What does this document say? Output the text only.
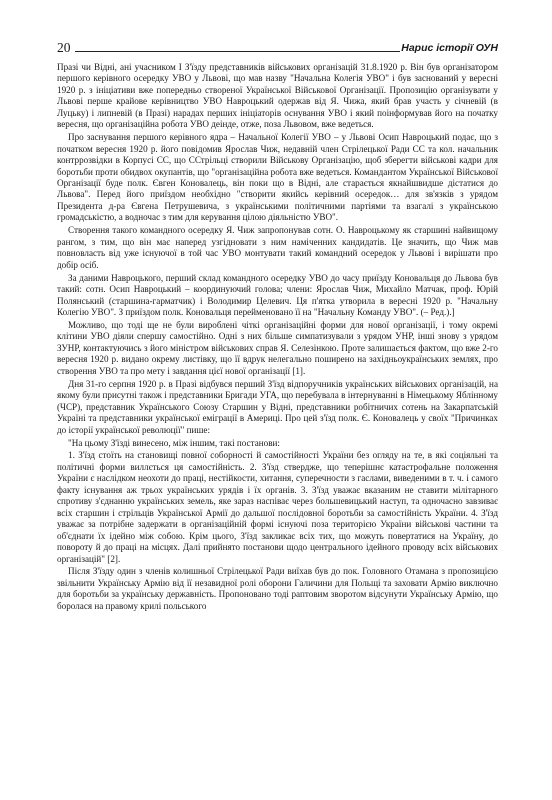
20	Нарис історії ОУН

Празі чи Відні, ані учасником І З'їзду представників військових організацій 31.8.1920 р. Він був організатором першого керівного осередку УВО у Львові, що мав назву "Начальна Колегія УВО" і був заснований у вересні 1920 р. з ініціативи вже попередньо створеної Української Військової Організації. Пропозицію організувати у Львові перше крайове керівництво УВО Навроцький одержав від Я. Чижа, який брав участь у січневій (в Луцьку) і липневій (в Празі) нарадах перших ініціаторів оснування УВО і який поінформував його на початку вересня, що організаційна робота УВО деінде, отже, поза Львовом, вже ведеться.

Про заснування першого керівного ядра – Начальної Колегії УВО – у Львові Осип Навроцький подає, що з початком вересня 1920 р. його повідомив Ярослав Чиж, недавній член Стрілецької Ради СС та кол. начальник контррозвідки в Корпусі СС, що ССтрільці створили Військову Організацію, щоб зберегти військові кадри для боротьби проти обидвох окупантів, що "організаційна робота вже ведеться. Командантом Української Військової Організації буде полк. Євген Коновалець, він поки що в Відні, але старається якнайшвидше дістатися до Львова". Перед його приїздом необхідно "створити якийсь керівний осередок… для зв'язків з урядом Президента д-ра Євгена Петрушевича, з українськими політичними партіями та взагалі з українською громадськістю, а водночас з тим для керування цілою діяльністю УВО".

Створення такого командного осередку Я. Чиж запропонував сотн. О. Навроцькому як старшині найвищому рангом, з тим, що він має наперед узгідновати з ним наміченних кандидатів. Це значить, що Чиж мав повновласть від уже існуючої в той час УВО монтувати такий командний осередок у Львові і вирішати про добір осіб.

За даними Навроцького, перший склад командного осередку УВО до часу приїзду Коновальця до Львова був такий: сотн. Осип Навроцький – координуючий голова; члени: Ярослав Чиж, Михайло Матчак, проф. Юрій Полянський (старшина-гарматчик) і Володимир Целевич. Ця п'ятка утворила в вересні 1920 р. "Начальну Колегію УВО". З приїздом полк. Коновальця перейменовано її на "Начальну Команду УВО". (– Ред.).]

Можливо, що тоді ще не були вироблені чіткі організаційні форми для нової організації, і тому окремі клітини УВО діяли спершу самостійно. Одні з них більше симпатизували з урядом УНР, інші знову з урядом ЗУНР, контактуючись з його міністром військових справ Я. Селезінкою. Проте залишається фактом, що вже 2-го вересня 1920 р. видано окрему листівку, що її вдрук нелегально поширено на західньоукраїнських землях, про створення УВО та про мету і завдання цієї нової організації [1].

Дня 31-го серпня 1920 р. в Празі відбувся перший З'їзд відпоручників українських військових організацій, на якому були присутні також і представники Бригади УГА, що перебувала в інтернуванні в Німецькому Яблінному (ЧСР), представник Українського Союзу Старшин у Відні, представники робітничих сотень на Закарпатській Україні та представники української еміграції в Америці. Про цей з'їзд полк. Є. Коновалець у своїх "Причинках до історії української революції" пише:

"На цьому З'їзді винесено, між іншим, такі постанови:

1. З'їзд стоїть на становищі повної соборності й самостійності України без огляду на те, в які соціяльні та політичні форми виллється ця самостійність. 2. З'їзд ствердже, що теперішнє катастрофальне положення України є наслідком неохоти до праці, нестійкости, хитання, суперечности з гаслами, виведеними в т. ч. і самого факту існування аж трьох українських урядів і їх органів. 3. З'їзд уважає вказаним не ставити мілітарного спротиву з'єднанню українських земель, яке зараз наспіває через большевицький наступ, та одночасно завзиває всіх старшин і стрільців Української Армії до дальшої послідовної боротьби за самостійність України. 4. З'їзд уважає за потрібне задержати в організаційній формі існуючі поза територією України військові частини та об'єднати їх ідейно між собою. Крім цього, З'їзд закликає всіх тих, що можуть повертатися на Україну, до повороту й до праці на місцях. Далі прийнято постанови щодо центрального ідейного проводу всіх військових організацій" [2].

Після З'їзду один з членів колишньої Стрілецької Ради виїхав був до пок. Головного Отамана з пропозицією звільнити Українську Армію від її незавидної ролі оборони Галичини для Польщі та заховати Армію виключно для боротьби за українську державність. Пропоновано тоді раптовим зворотом відсунути Українську Армію, що боролася на правому крилі польського
